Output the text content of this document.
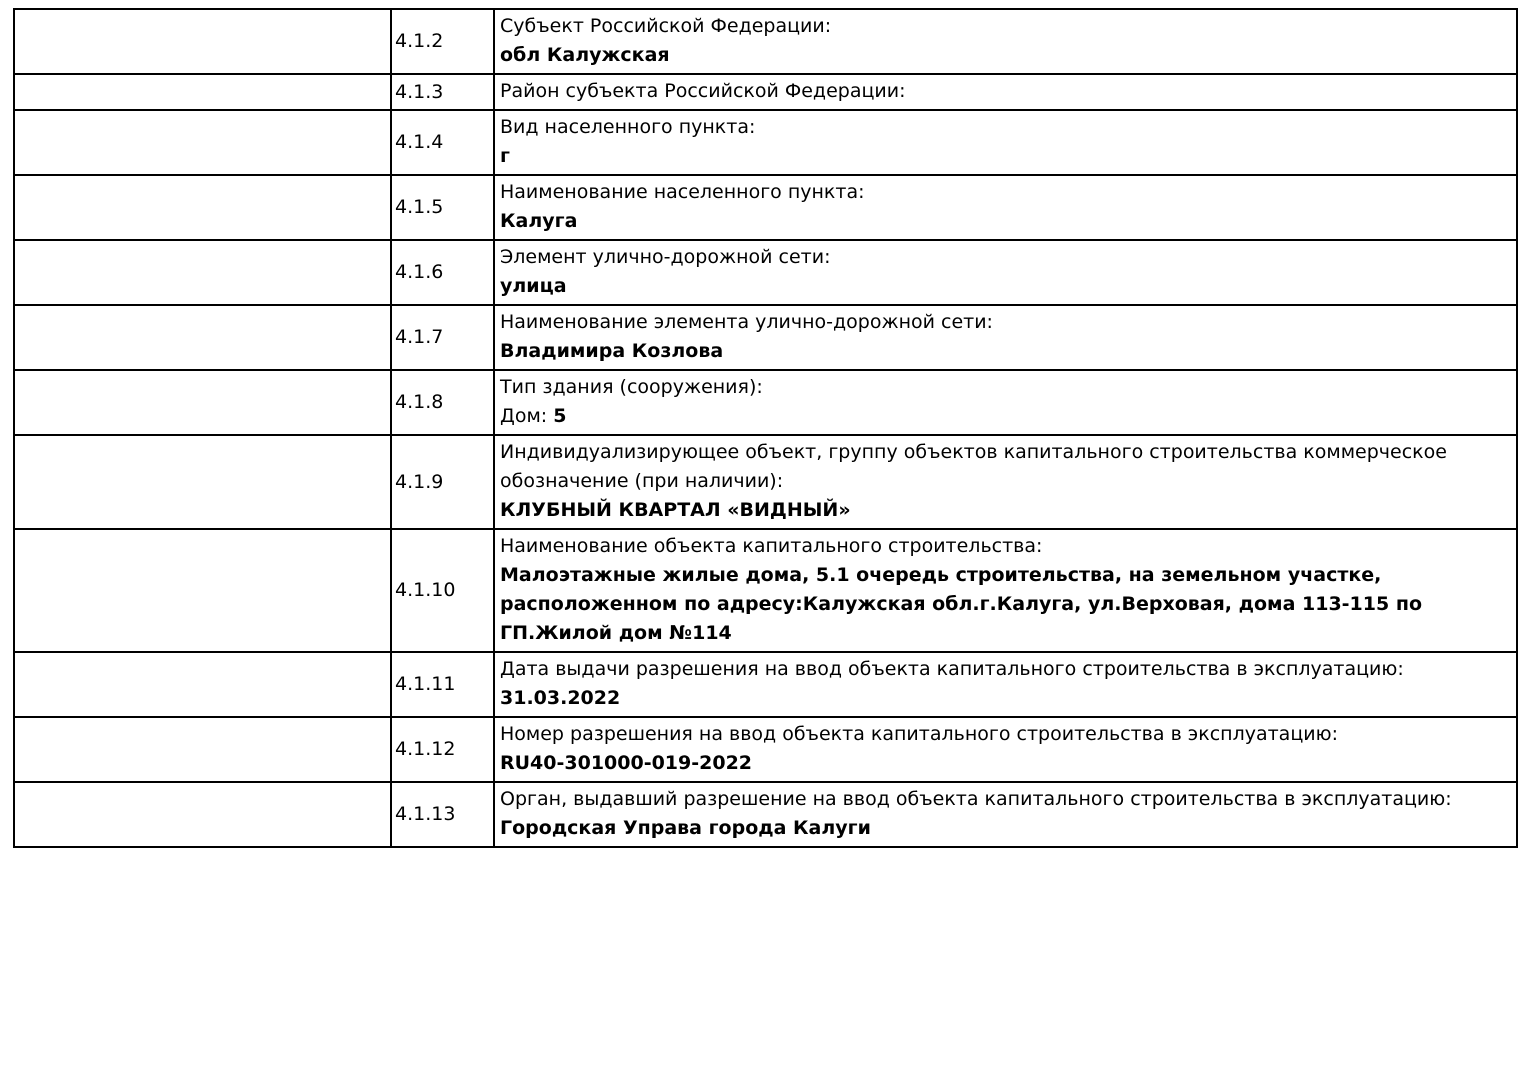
	4.1.2	Субъект Российской Федерации:
обл Калужская

	4.1.3	Район субъекта Российской Федерации:

	4.1.4	Вид населенного пункта:
г

	4.1.5	Наименование населенного пункта:
Калуга

	4.1.6	Элемент улично-дорожной сети:
улица

	4.1.7	Наименование элемента улично-дорожной сети:
Владимира Козлова

	4.1.8	Тип здания (сооружения):
Дом: 5

	4.1.9	Индивидуализирующее объект, группу объектов капитального строительства коммерческое обозначение (при наличии):
КЛУБНЫЙ КВАРТАЛ «ВИДНЫЙ»

	4.1.10	Наименование объекта капитального строительства:
Малоэтажные жилые дома, 5.1 очередь строительства, на земельном участке, расположенном по адресу:Калужская обл.г.Калуга, ул.Верховая, дома 113-115 по ГП.Жилой дом №114

	4.1.11	Дата выдачи разрешения на ввод объекта капитального строительства в эксплуатацию:
31.03.2022

	4.1.12	Номер разрешения на ввод объекта капитального строительства в эксплуатацию:
RU40-301000-019-2022

	4.1.13	Орган, выдавший разрешение на ввод объекта капитального строительства в эксплуатацию:
Городская Управа города Калуги
